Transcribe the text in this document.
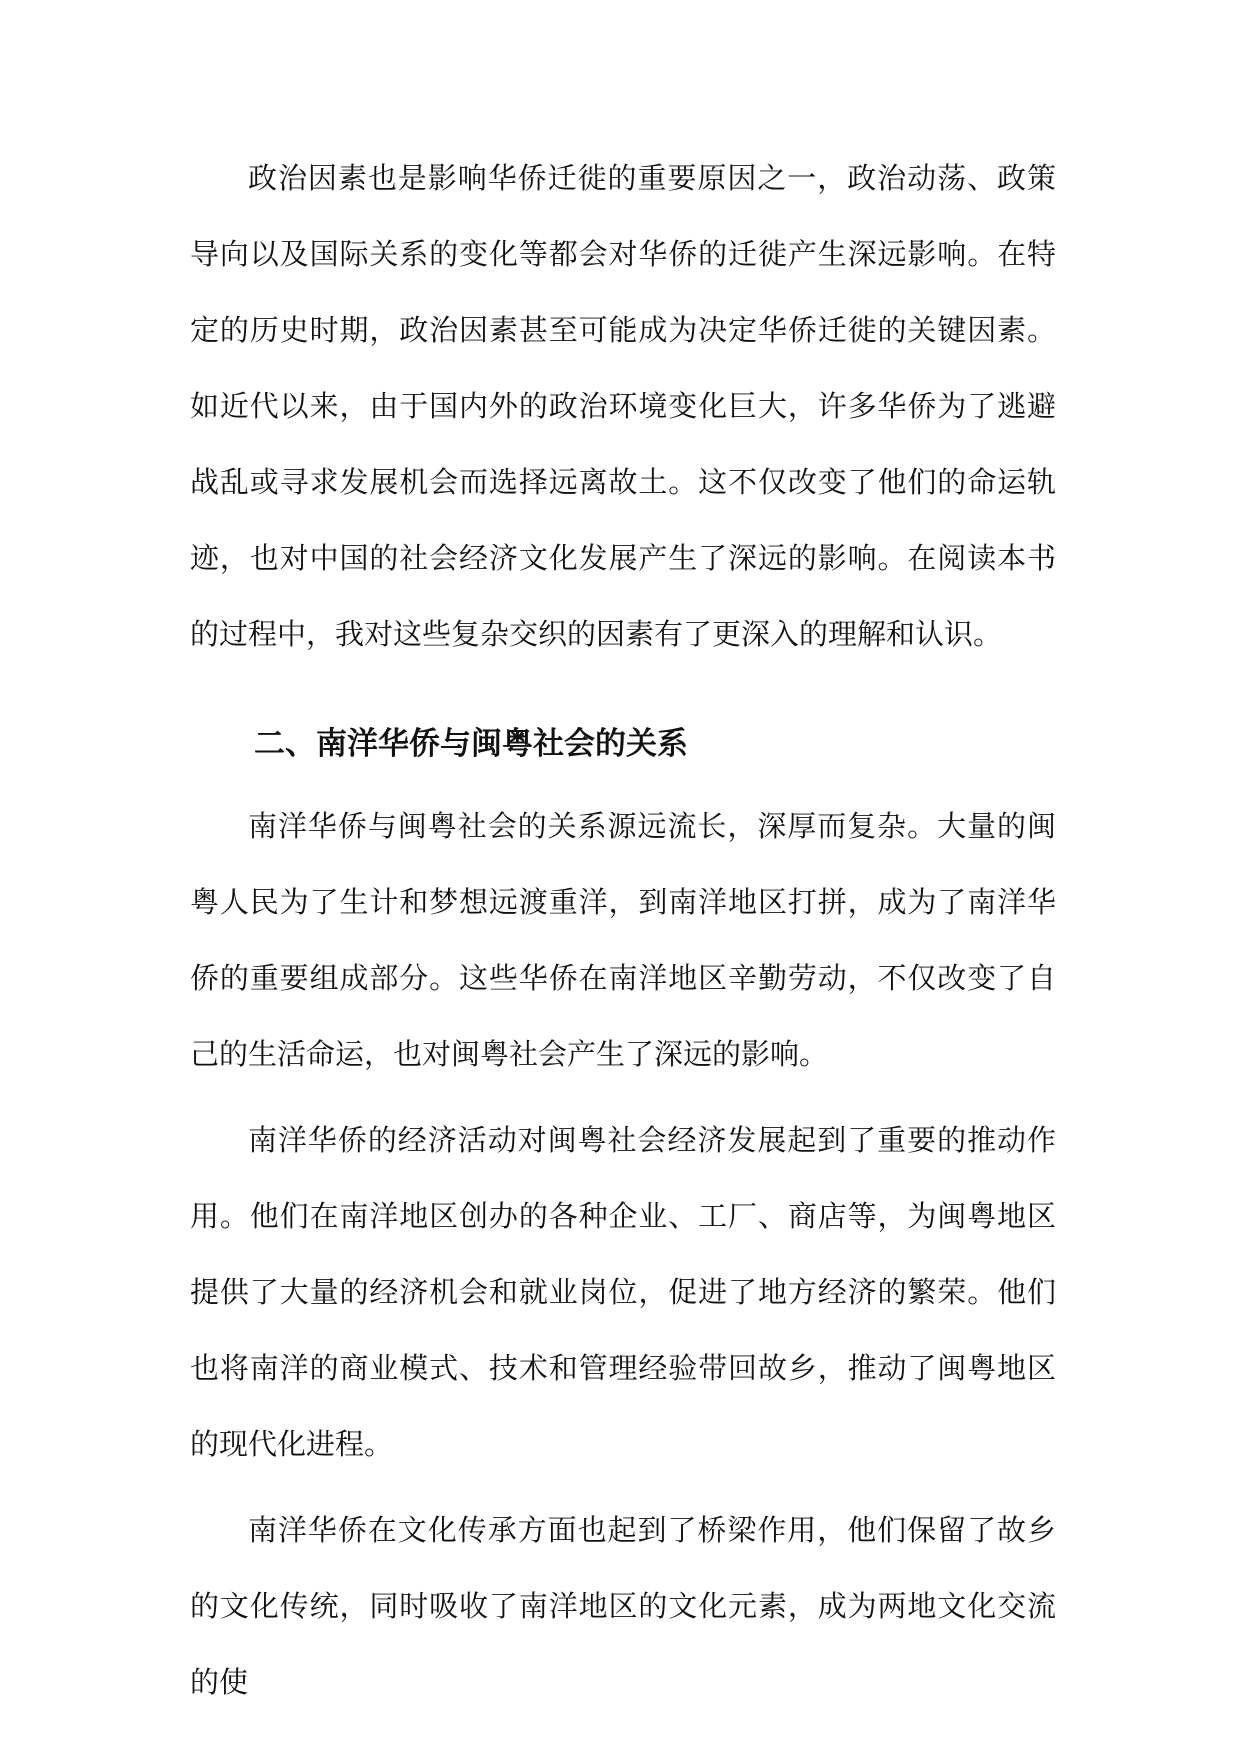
政治因素也是影响华侨迁徙的重要原因之一，政治动荡、政策导向以及国际关系的变化等都会对华侨的迁徙产生深远影响。在特定的历史时期，政治因素甚至可能成为决定华侨迁徙的关键因素。如近代以来，由于国内外的政治环境变化巨大，许多华侨为了逃避战乱或寻求发展机会而选择远离故土。这不仅改变了他们的命运轨迹，也对中国的社会经济文化发展产生了深远的影响。在阅读本书的过程中，我对这些复杂交织的因素有了更深入的理解和认识。

二、南洋华侨与闽粤社会的关系

南洋华侨与闽粤社会的关系源远流长，深厚而复杂。大量的闽粤人民为了生计和梦想远渡重洋，到南洋地区打拼，成为了南洋华侨的重要组成部分。这些华侨在南洋地区辛勤劳动，不仅改变了自己的生活命运，也对闽粤社会产生了深远的影响。

南洋华侨的经济活动对闽粤社会经济发展起到了重要的推动作用。他们在南洋地区创办的各种企业、工厂、商店等，为闽粤地区提供了大量的经济机会和就业岗位，促进了地方经济的繁荣。他们也将南洋的商业模式、技术和管理经验带回故乡，推动了闽粤地区的现代化进程。

南洋华侨在文化传承方面也起到了桥梁作用，他们保留了故乡的文化传统，同时吸收了南洋地区的文化元素，成为两地文化交流的使
